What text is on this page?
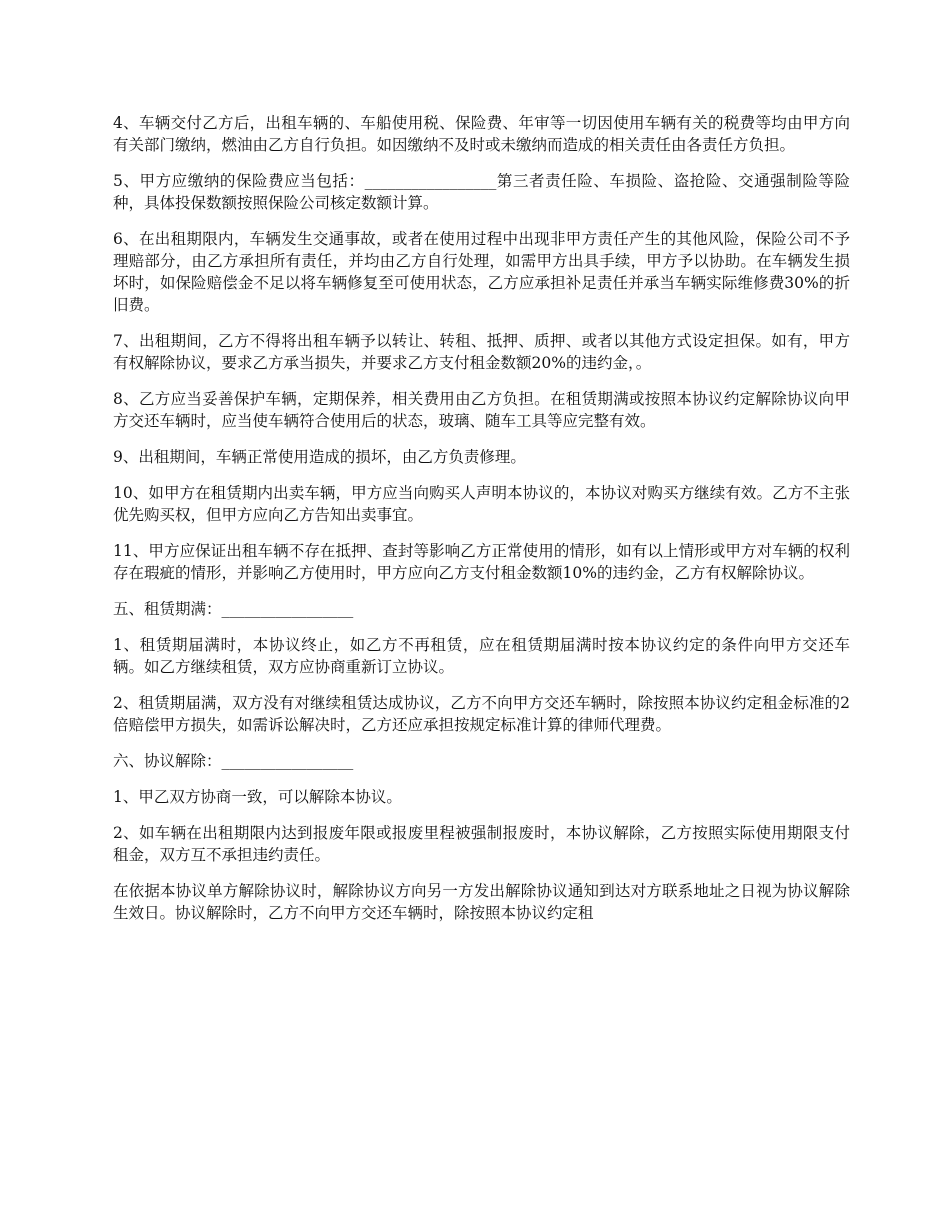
4、车辆交付乙方后，出租车辆的、车船使用税、保险费、年审等一切因使用车辆有关的税费等均由甲方向有关部门缴纳，燃油由乙方自行负担。如因缴纳不及时或未缴纳而造成的相关责任由各责任方负担。

5、甲方应缴纳的保险费应当包括：_________________第三者责任险、车损险、盗抢险、交通强制险等险种，具体投保数额按照保险公司核定数额计算。

6、在出租期限内，车辆发生交通事故，或者在使用过程中出现非甲方责任产生的其他风险，保险公司不予理赔部分，由乙方承担所有责任，并均由乙方自行处理，如需甲方出具手续，甲方予以协助。在车辆发生损坏时，如保险赔偿金不足以将车辆修复至可使用状态，乙方应承担补足责任并承当车辆实际维修费30%的折旧费。

7、出租期间，乙方不得将出租车辆予以转让、转租、抵押、质押、或者以其他方式设定担保。如有，甲方有权解除协议，要求乙方承当损失，并要求乙方支付租金数额20%的违约金，。

8、乙方应当妥善保护车辆，定期保养，相关费用由乙方负担。在租赁期满或按照本协议约定解除协议向甲方交还车辆时，应当使车辆符合使用后的状态，玻璃、随车工具等应完整有效。

9、出租期间，车辆正常使用造成的损坏，由乙方负责修理。

10、如甲方在租赁期内出卖车辆，甲方应当向购买人声明本协议的，本协议对购买方继续有效。乙方不主张优先购买权，但甲方应向乙方告知出卖事宜。

11、甲方应保证出租车辆不存在抵押、查封等影响乙方正常使用的情形，如有以上情形或甲方对车辆的权利存在瑕疵的情形，并影响乙方使用时，甲方应向乙方支付租金数额10%的违约金，乙方有权解除协议。

五、租赁期满：_________________

1、租赁期届满时，本协议终止，如乙方不再租赁，应在租赁期届满时按本协议约定的条件向甲方交还车辆。如乙方继续租赁，双方应协商重新订立协议。

2、租赁期届满，双方没有对继续租赁达成协议，乙方不向甲方交还车辆时，除按照本协议约定租金标准的2倍赔偿甲方损失，如需诉讼解决时，乙方还应承担按规定标准计算的律师代理费。

六、协议解除：_________________

1、甲乙双方协商一致，可以解除本协议。

2、如车辆在出租期限内达到报废年限或报废里程被强制报废时，本协议解除，乙方按照实际使用期限支付租金，双方互不承担违约责任。

在依据本协议单方解除协议时，解除协议方向另一方发出解除协议通知到达对方联系地址之日视为协议解除生效日。协议解除时，乙方不向甲方交还车辆时，除按照本协议约定租
